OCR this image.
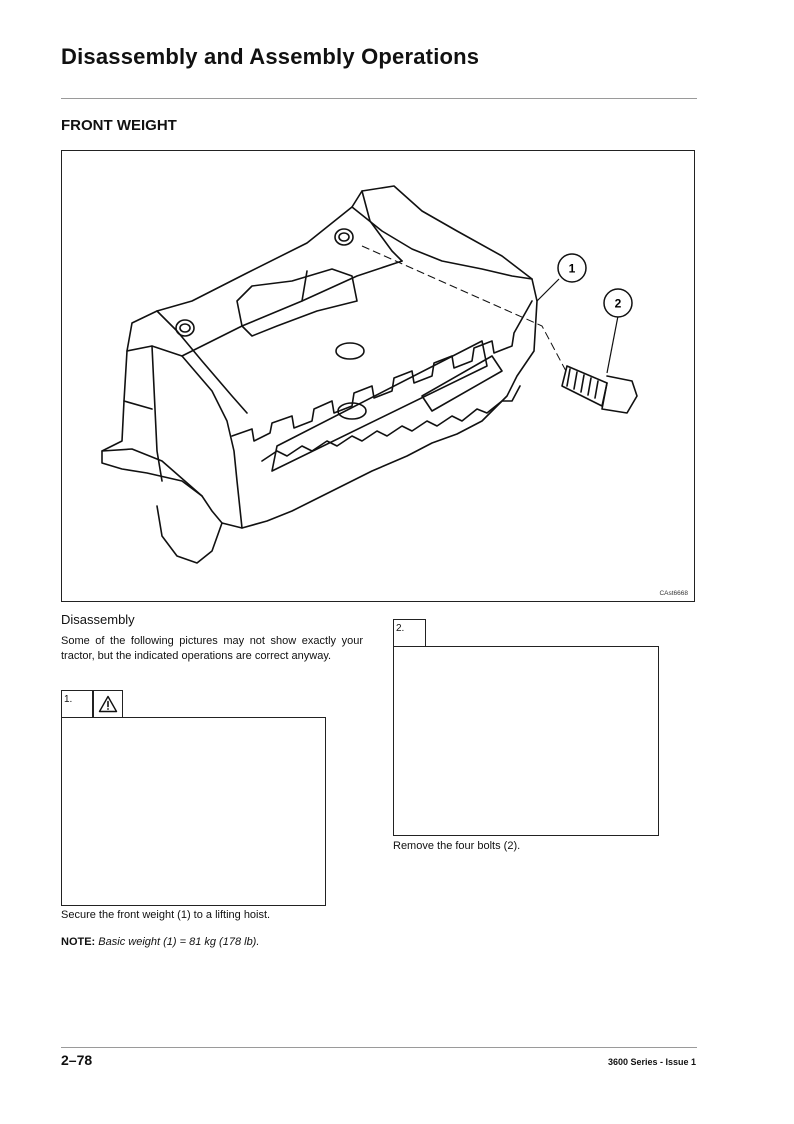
Disassembly and Assembly Operations
FRONT WEIGHT
1
2
CAst6668
Disassembly
Some of the following pictures may not show exactly your tractor, but the indicated operations are correct anyway.
1.
Secure the front weight (1) to a lifting hoist.
NOTE: Basic weight (1) = 81 kg (178 lb).
2.
Remove the four bolts (2).
2–78	3600 Series - Issue 1
